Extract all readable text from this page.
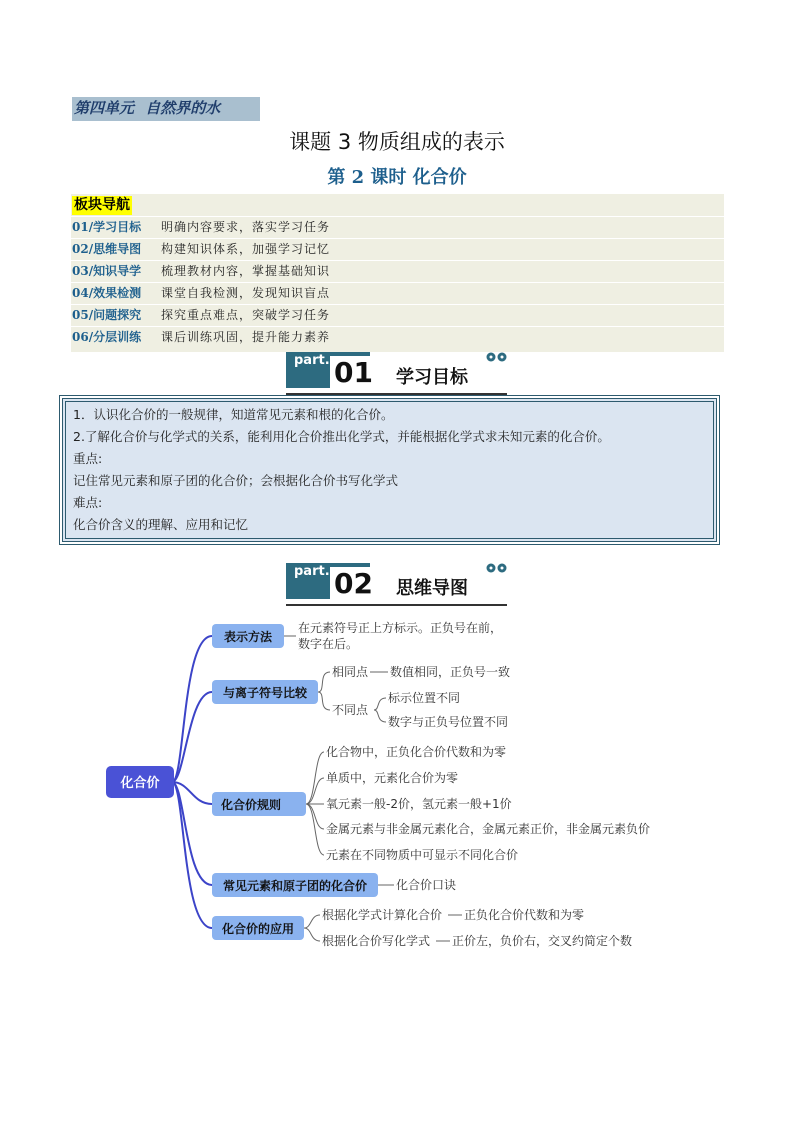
第四单元   自然界的水
课题 3 物质组成的表示
第 2 课时 化合价
板块导航
01/学习目标 明确内容要求，落实学习任务
02/思维导图 构建知识体系，加强学习记忆
03/知识导学 梳理教材内容，掌握基础知识
04/效果检测 课堂自我检测，发现知识盲点
05/问题探究 探究重点难点，突破学习任务
06/分层训练 课后训练巩固，提升能力素养
part. 01 学习目标
1．认识化合价的一般规律，知道常见元素和根的化合价。
2.了解化合价与化学式的关系，能利用化合价推出化学式，并能根据化学式求未知元素的化合价。
重点:
记住常见元素和原子团的化合价；会根据化合价书写化学式
难点:
化合价含义的理解、应用和记忆
part. 02 思维导图
化合价
表示方法
与离子符号比较
化合价规则
常见元素和原子团的化合价
化合价的应用
在元素符号正上方标示。正负号在前，
数字在后。
相同点 数值相同，正负号一致
不同点
标示位置不同
数字与正负号位置不同
化合物中，正负化合价代数和为零
单质中，元素化合价为零
氧元素一般-2价，氢元素一般+1价
金属元素与非金属元素化合，金属元素正价，非金属元素负价
元素在不同物质中可显示不同化合价
化合价口诀
根据化学式计算化合价 正负化合价代数和为零
根据化合价写化学式 正价左，负价右，交叉约简定个数
